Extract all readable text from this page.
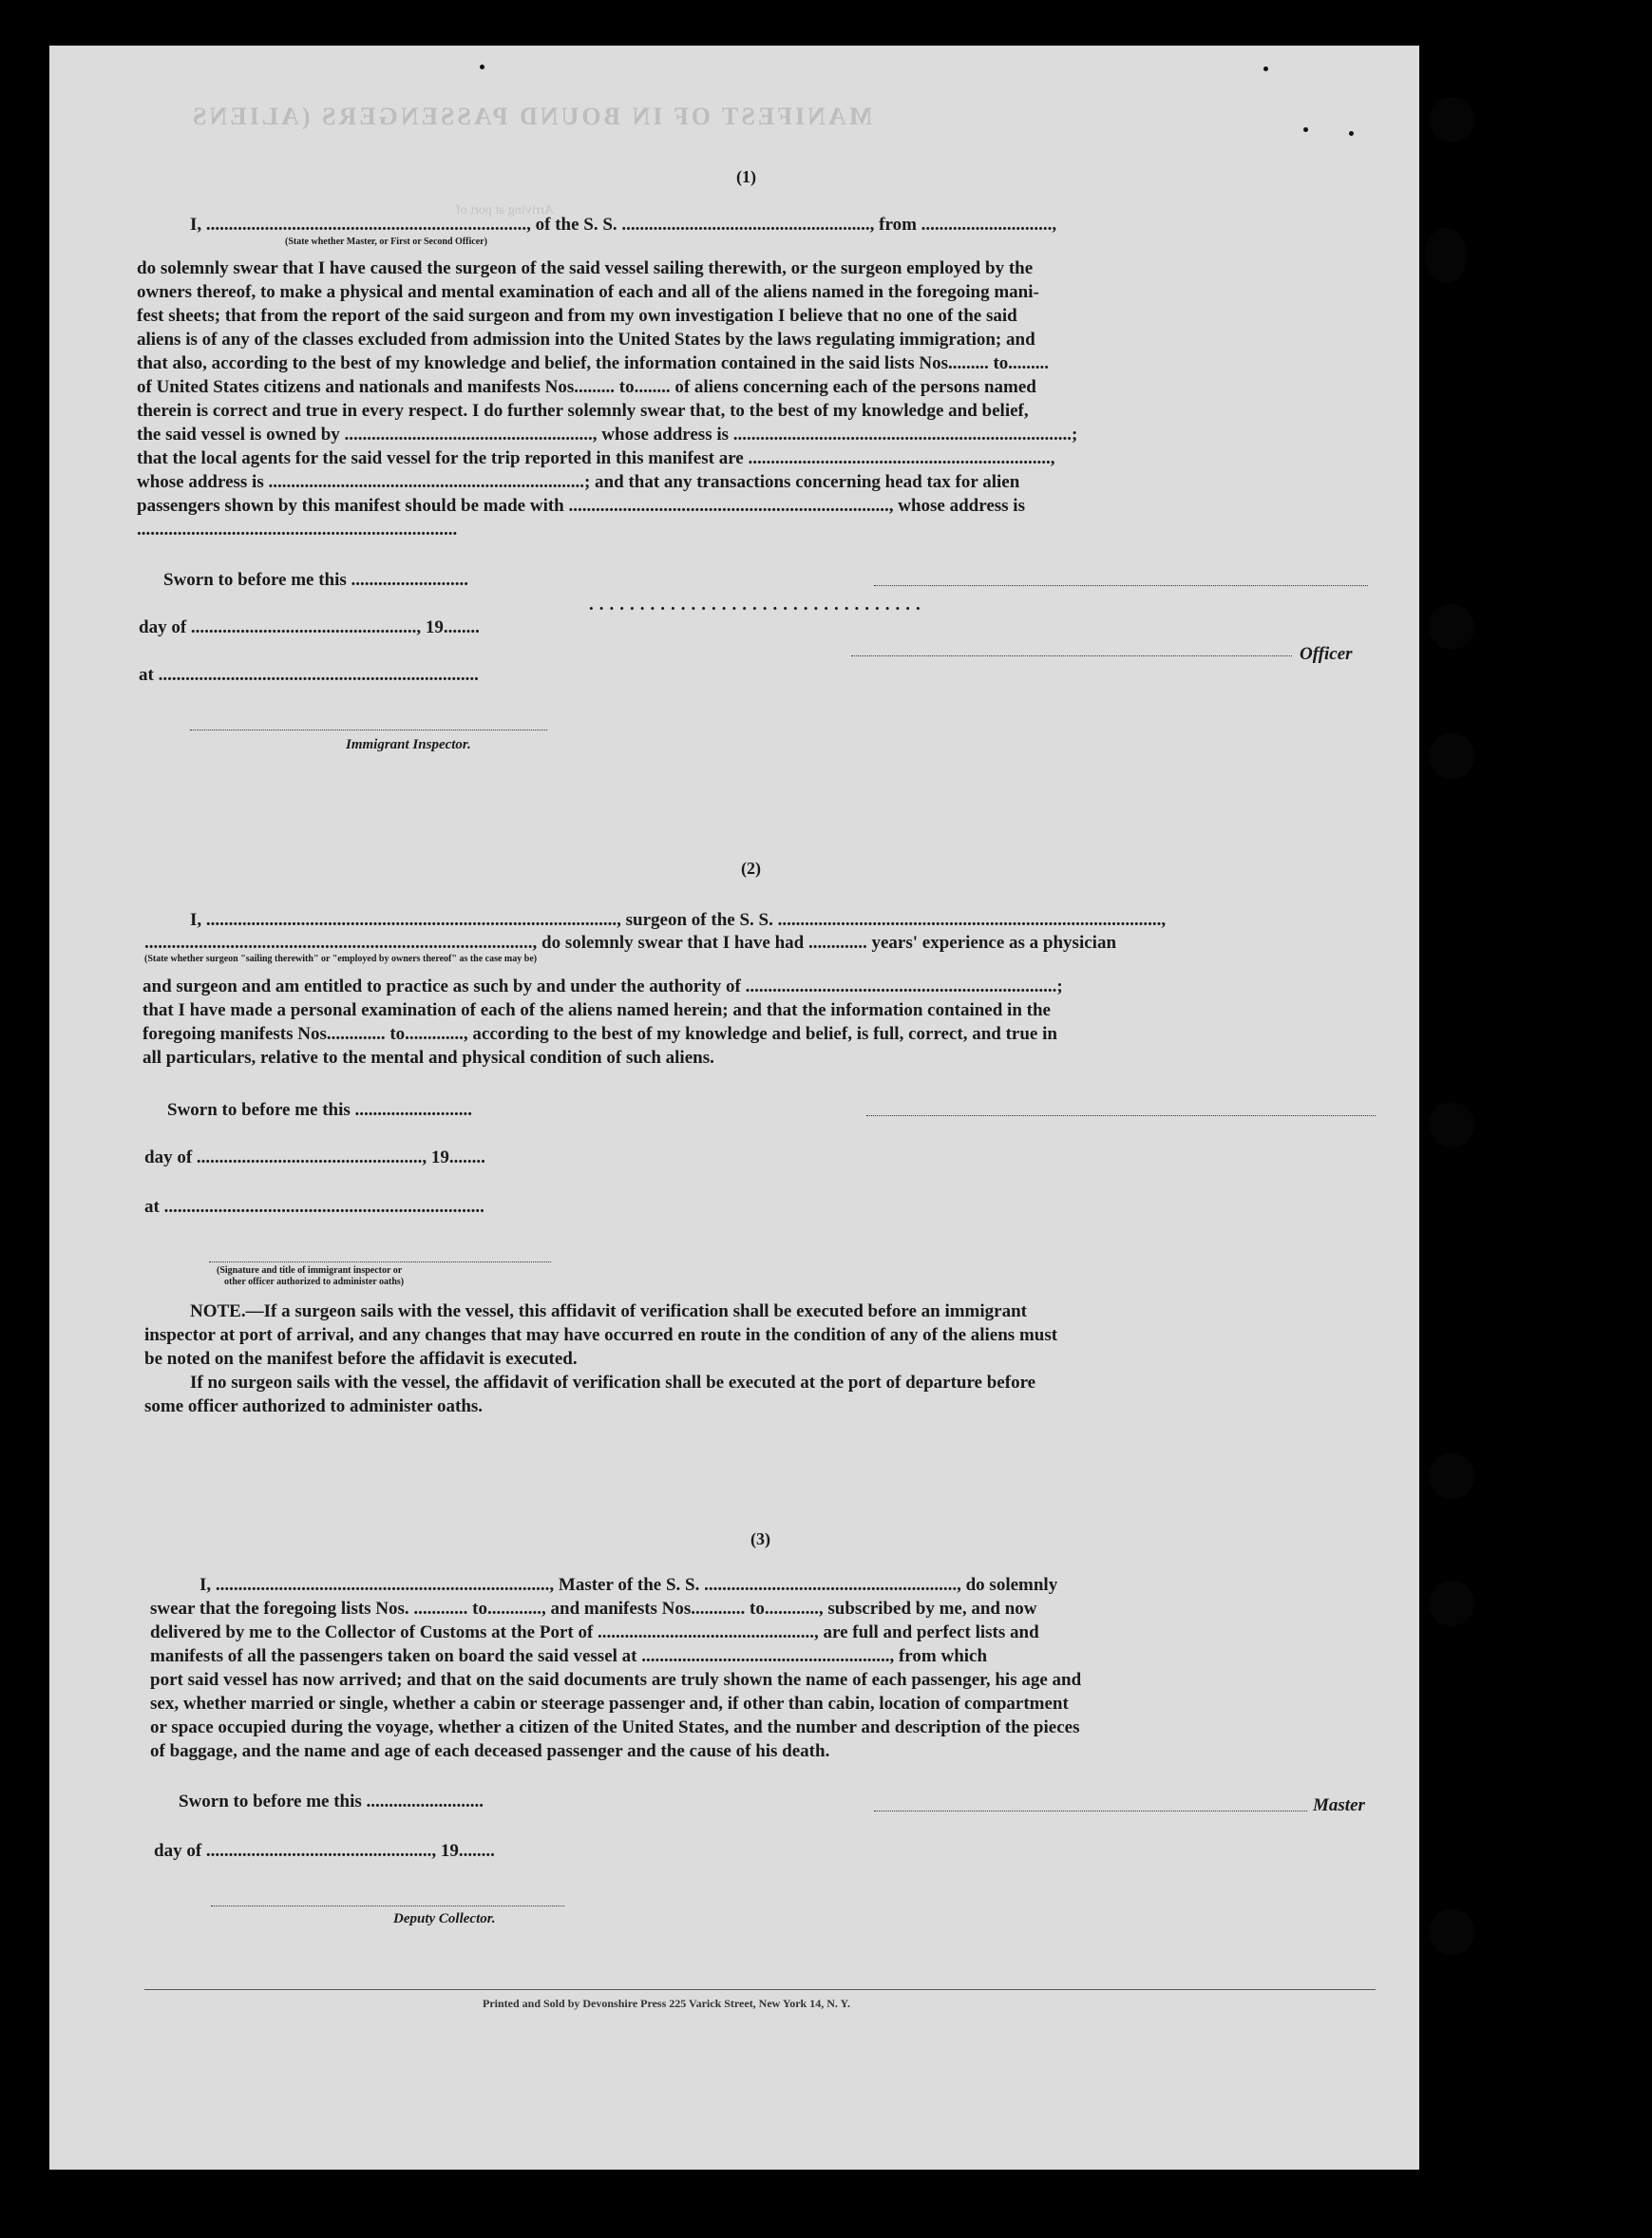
MANIFEST OF IN BOUND PASSENGERS (ALIENS
Arriving at port of
(1)
I, ......................................................................., of the S. S. ......................................................., from .............................,
(State whether Master, or First or Second Officer)
do solemnly swear that I have caused the surgeon of the said vessel sailing therewith, or the surgeon employed by the
owners thereof, to make a physical and mental examination of each and all of the aliens named in the foregoing mani-
fest sheets; that from the report of the said surgeon and from my own investigation I believe that no one of the said
aliens is of any of the classes excluded from admission into the United States by the laws regulating immigration; and
that also, according to the best of my knowledge and belief, the information contained in the said lists Nos......... to.........
of United States citizens and nationals and manifests Nos......... to........ of aliens concerning each of the persons named
therein is correct and true in every respect. I do further solemnly swear that, to the best of my knowledge and belief,
the said vessel is owned by ......................................................., whose address is ...........................................................................;
that the local agents for the said vessel for the trip reported in this manifest are ...................................................................,
whose address is ......................................................................; and that any transactions concerning head tax for alien
passengers shown by this manifest should be made with ......................................................................., whose address is
.......................................................................
Sworn to before me this ..........................
.................................
day of .................................................., 19........
Officer
at .......................................................................
Immigrant Inspector.
(2)
I, ..........................................................................................., surgeon of the S. S. .....................................................................................,
......................................................................................, do solemnly swear that I have had ............. years' experience as a physician
(State whether surgeon "sailing therewith" or "employed by owners thereof" as the case may be)
and surgeon and am entitled to practice as such by and under the authority of .....................................................................;
that I have made a personal examination of each of the aliens named herein; and that the information contained in the
foregoing manifests Nos............. to............., according to the best of my knowledge and belief, is full, correct, and true in
all particulars, relative to the mental and physical condition of such aliens.
Sworn to before me this ..........................
day of .................................................., 19........
at .......................................................................
(Signature and title of immigrant inspector or
other officer authorized to administer oaths)
NOTE.—If a surgeon sails with the vessel, this affidavit of verification shall be executed before an immigrant
inspector at port of arrival, and any changes that may have occurred en route in the condition of any of the aliens must
be noted on the manifest before the affidavit is executed.
If no surgeon sails with the vessel, the affidavit of verification shall be executed at the port of departure before
some officer authorized to administer oaths.
(3)
I, .........................................................................., Master of the S. S. ........................................................, do solemnly
swear that the foregoing lists Nos. ............ to............, and manifests Nos............ to............, subscribed by me, and now
delivered by me to the Collector of Customs at the Port of ................................................, are full and perfect lists and
manifests of all the passengers taken on board the said vessel at ......................................................., from which
port said vessel has now arrived; and that on the said documents are truly shown the name of each passenger, his age and
sex, whether married or single, whether a cabin or steerage passenger and, if other than cabin, location of compartment
or space occupied during the voyage, whether a citizen of the United States, and the number and description of the pieces
of baggage, and the name and age of each deceased passenger and the cause of his death.
Sworn to before me this ..........................	Master
day of .................................................., 19........
Deputy Collector.
Printed and Sold by Devonshire Press 225 Varick Street, New York 14, N. Y.
